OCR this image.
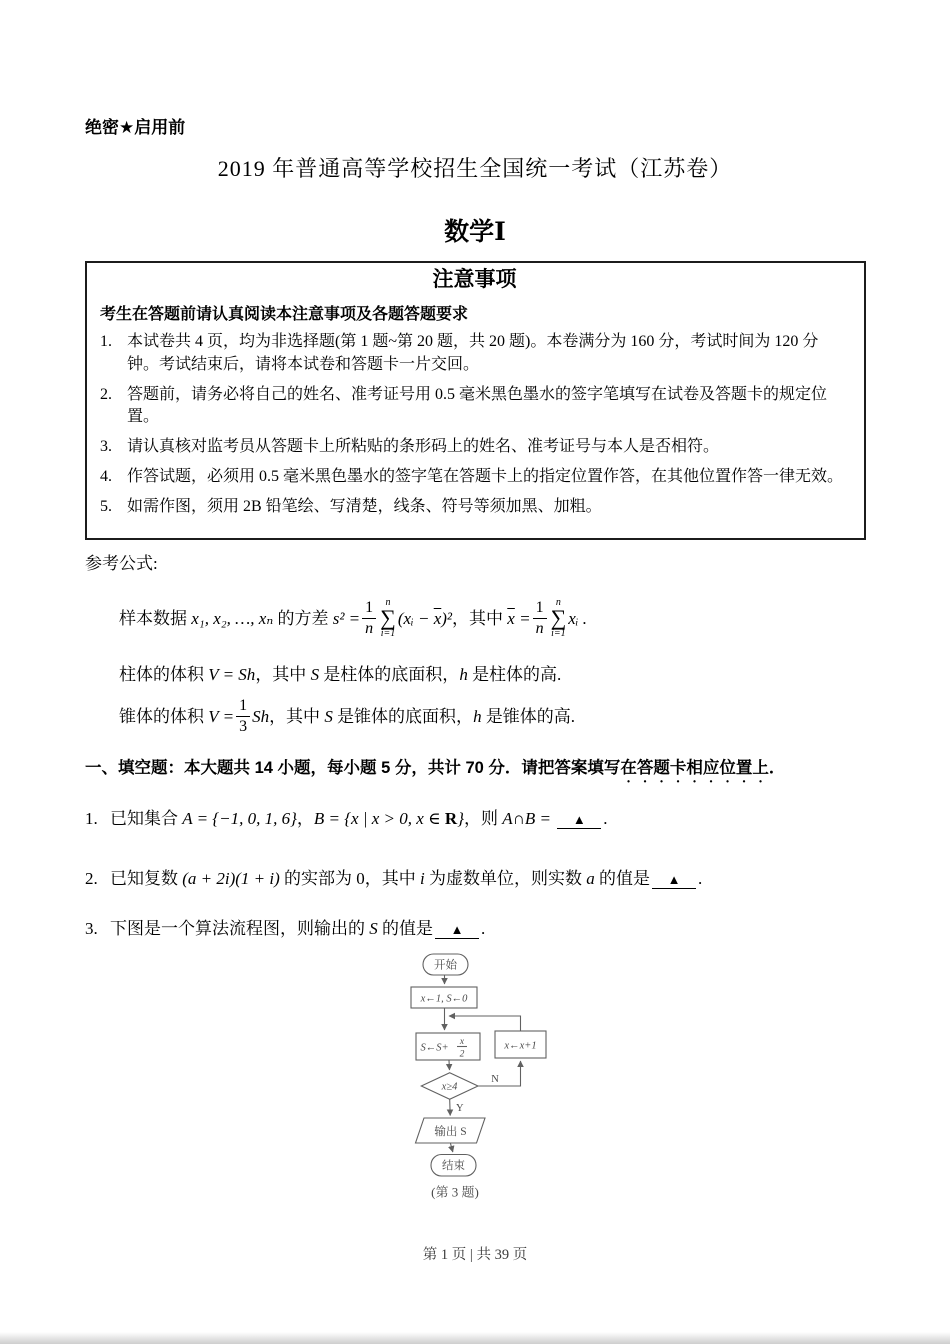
绝密★启用前
2019 年普通高等学校招生全国统一考试（江苏卷）
数学Ⅰ
注意事项
考生在答题前请认真阅读本注意事项及各题答题要求
1. 本试卷共 4 页，均为非选择题(第 1 题~第 20 题，共 20 题)。本卷满分为 160 分，考试时间为 120 分钟。考试结束后，请将本试卷和答题卡一片交回。
2. 答题前，请务必将自己的姓名、准考证号用 0.5 毫米黑色墨水的签字笔填写在试卷及答题卡的规定位置。
3. 请认真核对监考员从答题卡上所粘贴的条形码上的姓名、准考证号与本人是否相符。
4. 作答试题，必须用 0.5 毫米黑色墨水的签字笔在答题卡上的指定位置作答，在其他位置作答一律无效。
5. 如需作图，须用 2B 铅笔绘、写清楚，线条、符号等须加黑、加粗。
参考公式:
样本数据 x₁, x₂, …, xₙ 的方差 $s^2 = \frac{1}{n}$ n
∑
i=1
(xᵢ − $\overline{x})^2$，其中 $\overline{x} = \frac{1}{n}$ n
∑
i=1
xᵢ .
柱体的体积 V = Sh，其中 S 是柱体的底面积，h 是柱体的高.
锥体的体积 $V = \frac{1}{3}$ Sh，其中 S 是锥体的底面积，h 是锥体的高.
一、填空题：本大题共 14 小题，每小题 5 分，共计 70 分．请把答案填写在答题卡相应位置上．
1. 已知集合 A = {−1, 0, 1, 6}，B = {x | x > 0, x ∈ R}，则 A∩B = ▲ .
2. 已知复数 (a + 2i)(1 + i) 的实部为 0，其中 i 为虚数单位，则实数 a 的值是 ▲ .
3. 下图是一个算法流程图，则输出的 S 的值是 ▲ .
开始
x←1, S←0
S←S+
x
2
x←x+1
x≥4
N
Y
输出 S
结束
(第 3 题)
第 1 页 | 共 39 页
